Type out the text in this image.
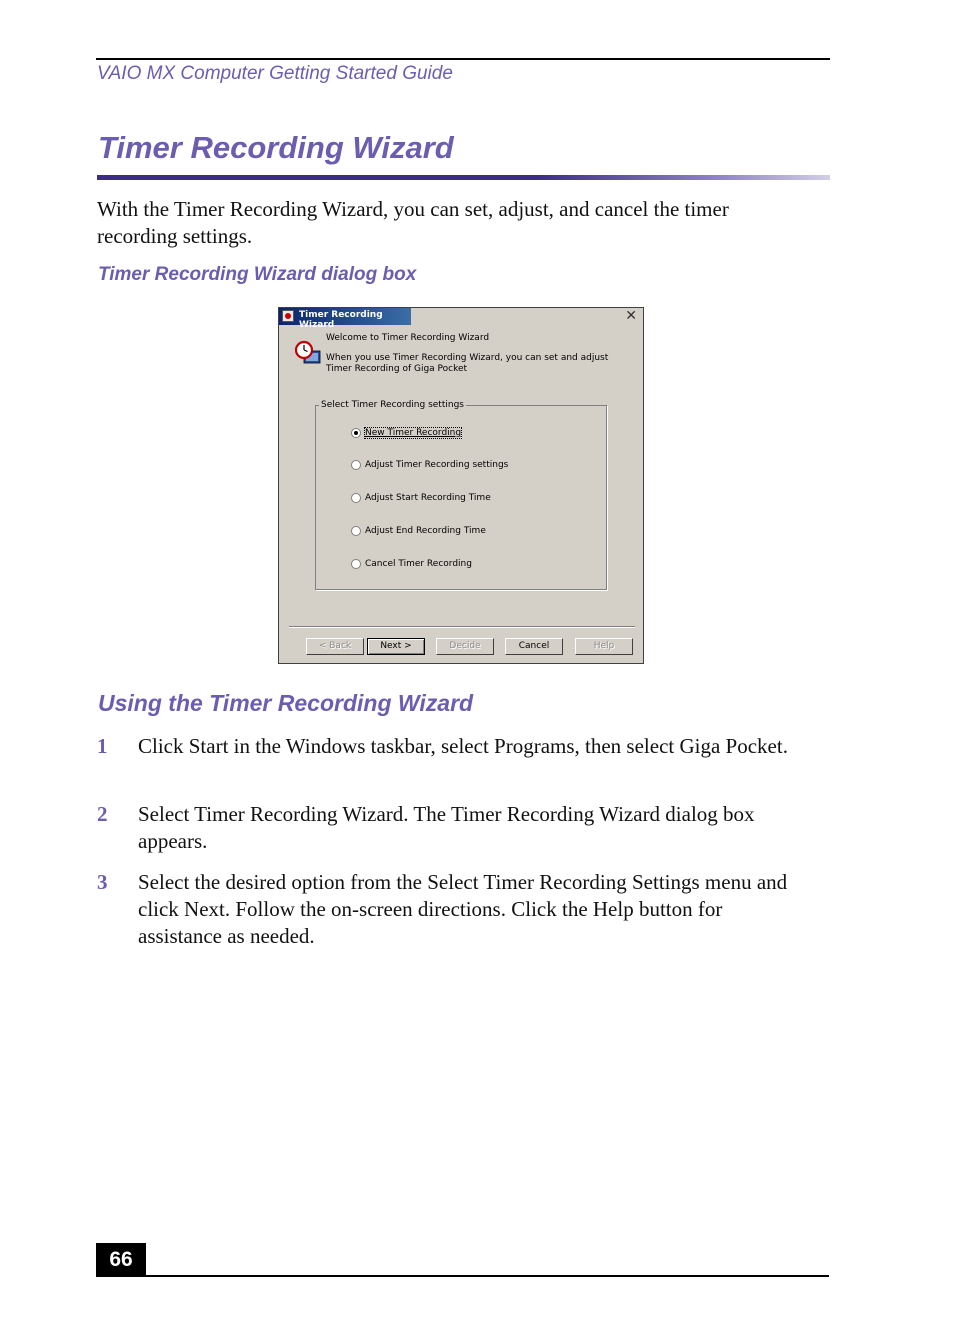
VAIO MX Computer Getting Started Guide
Timer Recording Wizard

With the Timer Recording Wizard, you can set, adjust, and cancel the timer recording settings.

Timer Recording Wizard dialog box
Timer Recording Wizard
✕
Welcome to Timer Recording Wizard
When you use Timer Recording Wizard, you can set and adjust Timer Recording of Giga Pocket
Select Timer Recording settings
New Timer Recording
Adjust Timer Recording settings
Adjust Start Recording Time
Adjust End Recording Time
Cancel Timer Recording
< Back	Next >	Decide	Cancel	Help
Using the Timer Recording Wizard
1 Click Start in the Windows taskbar, select Programs, then select Giga Pocket.
2 Select Timer Recording Wizard. The Timer Recording Wizard dialog box appears.
3 Select the desired option from the Select Timer Recording Settings menu and click Next. Follow the on-screen directions. Click the Help button for assistance as needed.
66
